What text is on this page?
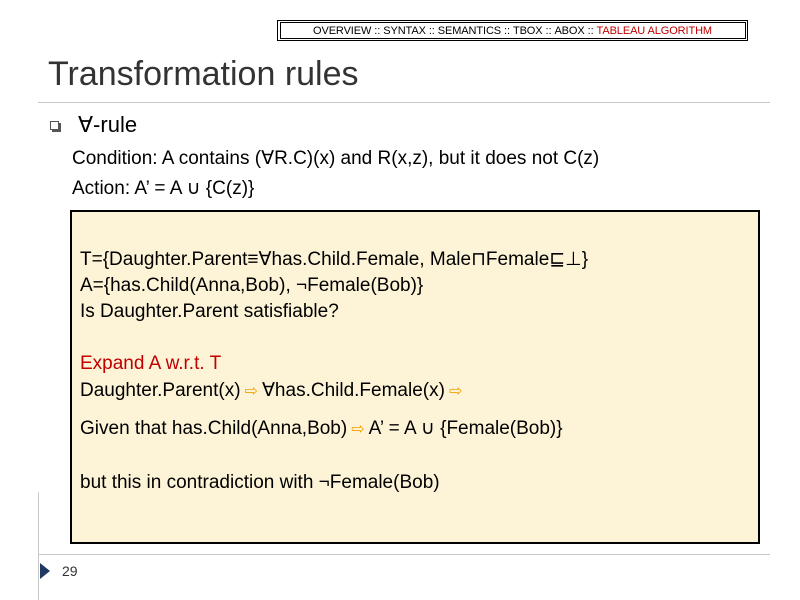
OVERVIEW :: SYNTAX :: SEMANTICS :: TBOX :: ABOX :: TABLEAU ALGORITHM
Transformation rules
∀-rule
Condition: A contains (∀R.C)(x) and R(x,z), but it does not C(z)
Action: A’ = A ∪ {C(z)}
T={Daughter.Parent≡∀has.Child.Female, Male⊓Female⊑⊥}
A={has.Child(Anna,Bob), ¬Female(Bob)}
Is Daughter.Parent satisfiable?
Expand A w.r.t. T
Daughter.Parent(x) ⇨ ∀has.Child.Female(x) ⇨
Given that has.Child(Anna,Bob) ⇨ A’ = A ∪ {Female(Bob)}
but this in contradiction with ¬Female(Bob)
29
